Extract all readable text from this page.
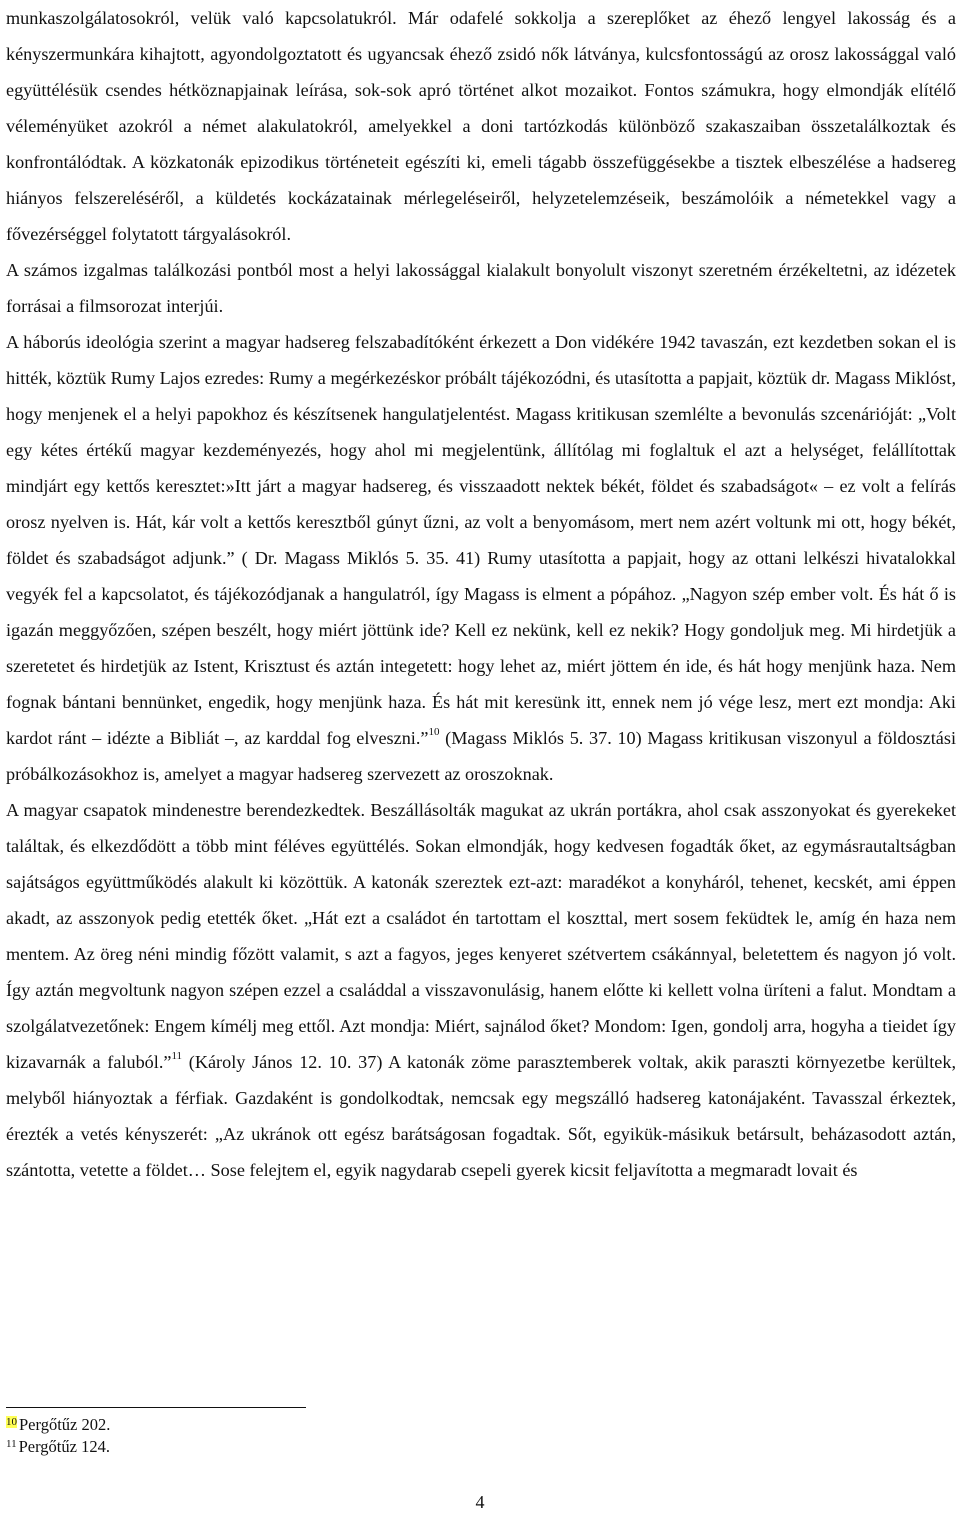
munkaszolgálatosokról, velük való kapcsolatukról. Már odafelé sokkolja a szereplőket az éhező lengyel lakosság és a kényszermunkára kihajtott, agyondolgoztatott és ugyancsak éhező zsidó nők látványa, kulcsfontosságú az orosz lakossággal való együttélésük csendes hétköznapjainak leírása, sok-sok apró történet alkot mozaikot. Fontos számukra, hogy elmondják elítélő véleményüket azokról a német alakulatokról, amelyekkel a doni tartózkodás különböző szakaszaiban összetalálkoztak és konfrontálódtak. A közkatonák epizodikus történeteit egészíti ki, emeli tágabb összefüggésekbe a tisztek elbeszélése a hadsereg hiányos felszereléséről, a küldetés kockázatainak mérlegeléseiről, helyzetelemzéseik, beszámolóik a németekkel vagy a fővezérséggel folytatott tárgyalásokról.

A számos izgalmas találkozási pontból most a helyi lakossággal kialakult bonyolult viszonyt szeretném érzékeltetni, az idézetek forrásai a filmsorozat interjúi.

A háborús ideológia szerint a magyar hadsereg felszabadítóként érkezett a Don vidékére 1942 tavaszán, ezt kezdetben sokan el is hitték, köztük Rumy Lajos ezredes: Rumy a megérkezéskor próbált tájékozódni, és utasította a papjait, köztük dr. Magass Miklóst, hogy menjenek el a helyi papokhoz és készítsenek hangulatjelentést. Magass kritikusan szemlélte a bevonulás szcenárióját: „Volt egy kétes értékű magyar kezdeményezés, hogy ahol mi megjelentünk, állítólag mi foglaltuk el azt a helységet, felállítottak mindjárt egy kettős keresztet:»Itt járt a magyar hadsereg, és visszaadott nektek békét, földet és szabadságot« – ez volt a felírás orosz nyelven is. Hát, kár volt a kettős keresztből gúnyt űzni, az volt a benyomásom, mert nem azért voltunk mi ott, hogy békét, földet és szabadságot adjunk.” ( Dr. Magass Miklós 5. 35. 41) Rumy utasította a papjait, hogy az ottani lelkészi hivatalokkal vegyék fel a kapcsolatot, és tájékozódjanak a hangulatról, így Magass is elment a pópához. „Nagyon szép ember volt. És hát ő is igazán meggyőzően, szépen beszélt, hogy miért jöttünk ide? Kell ez nekünk, kell ez nekik? Hogy gondoljuk meg. Mi hirdetjük a szeretetet és hirdetjük az Istent, Krisztust és aztán integetett: hogy lehet az, miért jöttem én ide, és hát hogy menjünk haza. Nem fognak bántani bennünket, engedik, hogy menjünk haza. És hát mit keresünk itt, ennek nem jó vége lesz, mert ezt mondja: Aki kardot ránt – idézte a Bibliát –, az karddal fog elveszni.”$^{10}$ (Magass Miklós 5. 37. 10) Magass kritikusan viszonyul a földosztási próbálkozásokhoz is, amelyet a magyar hadsereg szervezett az oroszoknak.

A magyar csapatok mindenestre berendezkedtek. Beszállásolták magukat az ukrán portákra, ahol csak asszonyokat és gyerekeket találtak, és elkezdődött a több mint féléves együttélés. Sokan elmondják, hogy kedvesen fogadták őket, az egymásrautaltságban sajátságos együttműködés alakult ki közöttük. A katonák szereztek ezt-azt: maradékot a konyháról, tehenet, kecskét, ami éppen akadt, az asszonyok pedig etették őket. „Hát ezt a családot én tartottam el koszttal, mert sosem feküdtek le, amíg én haza nem mentem. Az öreg néni mindig főzött valamit, s azt a fagyos, jeges kenyeret szétvertem csákánnyal, beletettem és nagyon jó volt. Így aztán megvoltunk nagyon szépen ezzel a családdal a visszavonulásig, hanem előtte ki kellett volna üríteni a falut. Mondtam a szolgálatvezetőnek: Engem kímélj meg ettől. Azt mondja: Miért, sajnálod őket? Mondom: Igen, gondolj arra, hogyha a tieidet így kizavarnák a faluból.”$^{11}$ (Károly János 12. 10. 37) A katonák zöme parasztemberek voltak, akik paraszti környezetbe kerültek, melyből hiányoztak a férfiak. Gazdaként is gondolkodtak, nemcsak egy megszálló hadsereg katonájaként. Tavasszal érkeztek, érezték a vetés kényszerét: „Az ukránok ott egész barátságosan fogadtak. Sőt, egyikük-másikuk betársult, beházasodott aztán, szántotta, vetette a földet… Sose felejtem el, egyik nagydarab csepeli gyerek kicsit feljavította a megmaradt lovait és

$^{10}$ Pergőtűz 202.
$^{11}$ Pergőtűz 124.
4
